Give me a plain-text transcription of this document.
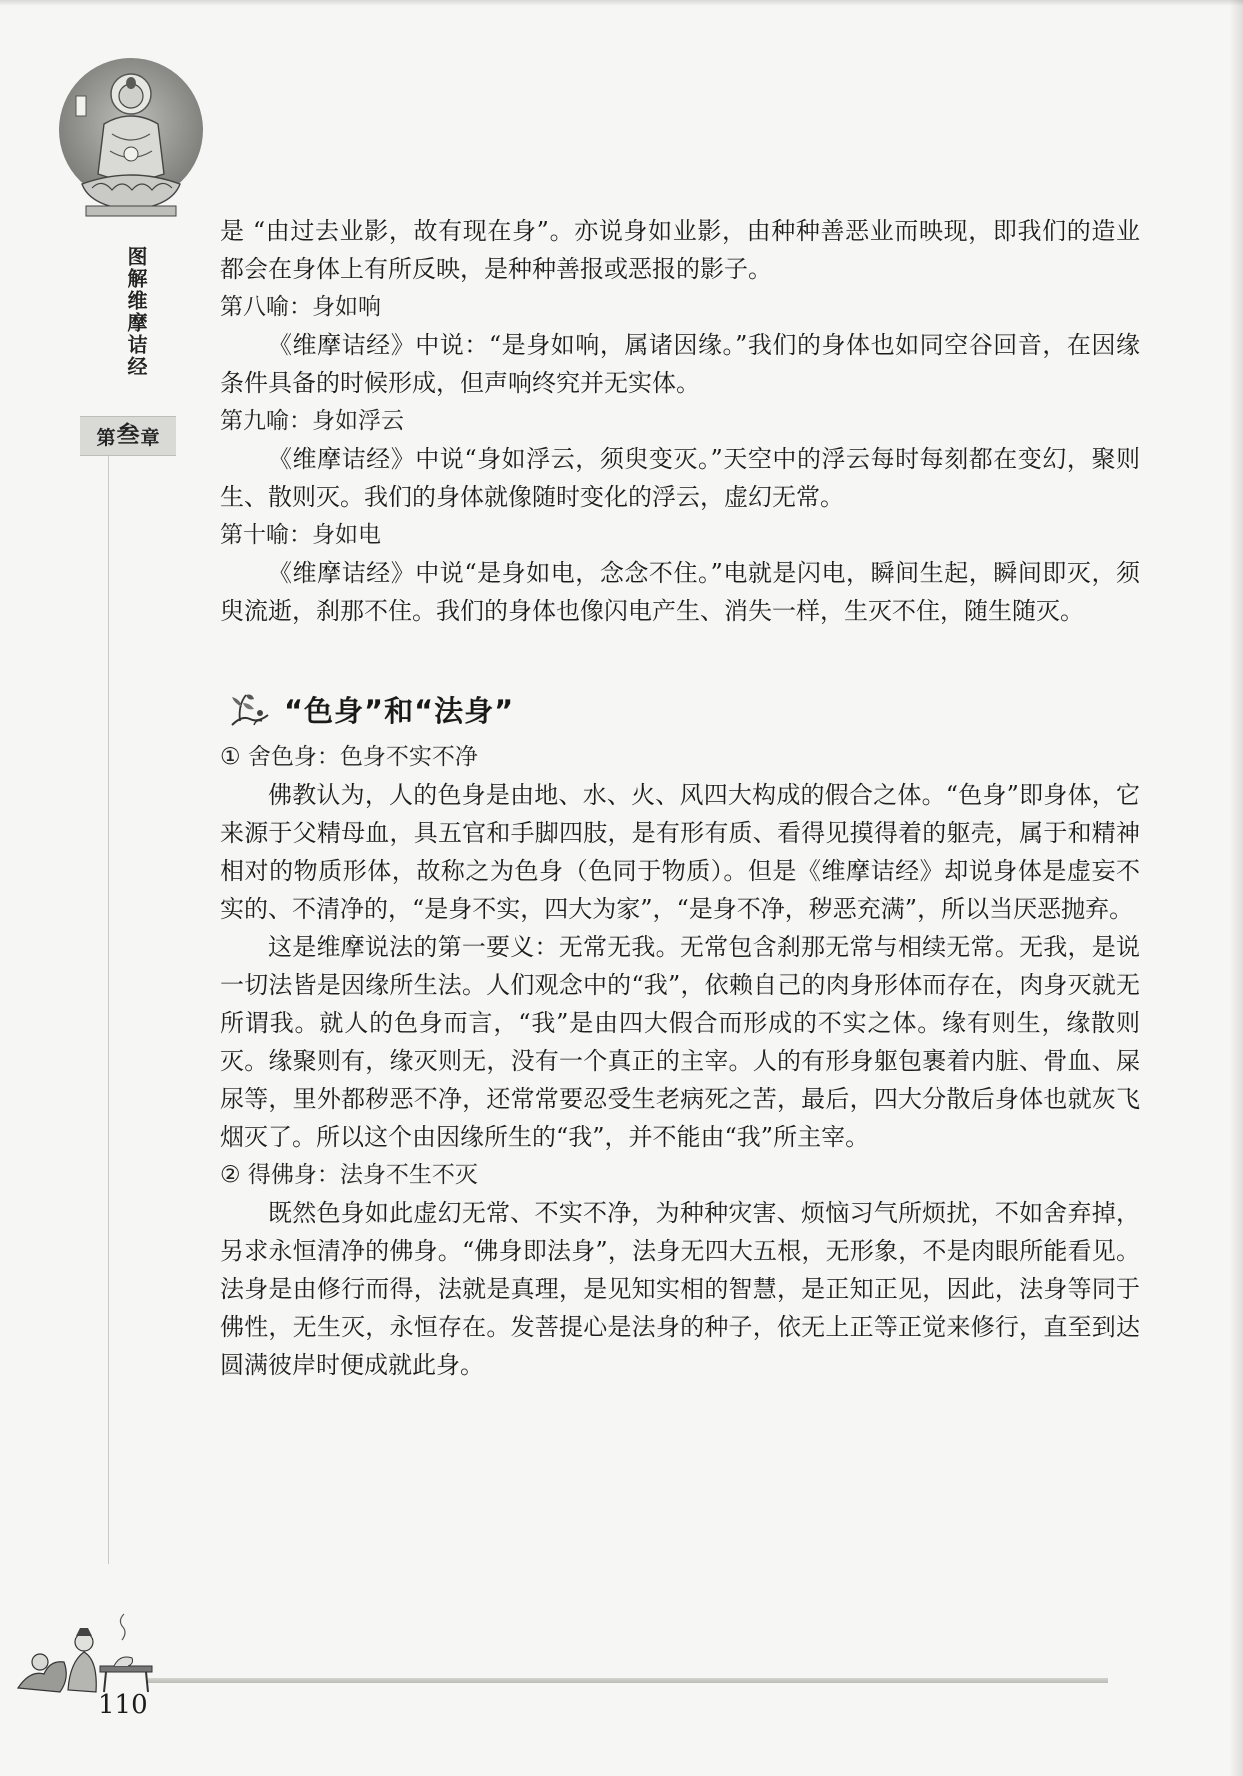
图解维摩诘经
第 叁 章

是 “由过去业影，故有现在身”。亦说身如业影，由种种善恶业而映现，即我们的造业都会在身体上有所反映，是种种善报或恶报的影子。

第八喻：身如响

《维摩诘经》中说：“是身如响，属诸因缘。”我们的身体也如同空谷回音，在因缘条件具备的时候形成，但声响终究并无实体。

第九喻：身如浮云

《维摩诘经》中说“身如浮云，须臾变灭。”天空中的浮云每时每刻都在变幻，聚则生、散则灭。我们的身体就像随时变化的浮云，虚幻无常。

第十喻：身如电

《维摩诘经》中说“是身如电，念念不住。”电就是闪电，瞬间生起，瞬间即灭，须臾流逝，刹那不住。我们的身体也像闪电产生、消失一样，生灭不住，随生随灭。

“色身”和“法身”

① 舍色身：色身不实不净

佛教认为，人的色身是由地、水、火、风四大构成的假合之体。“色身”即身体，它来源于父精母血，具五官和手脚四肢，是有形有质、看得见摸得着的躯壳，属于和精神相对的物质形体，故称之为色身（色同于物质）。但是《维摩诘经》却说身体是虚妄不实的、不清净的，“是身不实，四大为家”，“是身不净，秽恶充满”，所以当厌恶抛弃。

这是维摩说法的第一要义：无常无我。无常包含刹那无常与相续无常。无我，是说一切法皆是因缘所生法。人们观念中的“我”，依赖自己的肉身形体而存在，肉身灭就无所谓我。就人的色身而言，“我”是由四大假合而形成的不实之体。缘有则生，缘散则灭。缘聚则有，缘灭则无，没有一个真正的主宰。人的有形身躯包裹着内脏、骨血、屎尿等，里外都秽恶不净，还常常要忍受生老病死之苦，最后，四大分散后身体也就灰飞烟灭了。所以这个由因缘所生的“我”，并不能由“我”所主宰。

② 得佛身：法身不生不灭

既然色身如此虚幻无常、不实不净，为种种灾害、烦恼习气所烦扰，不如舍弃掉，另求永恒清净的佛身。“佛身即法身”，法身无四大五根，无形象，不是肉眼所能看见。法身是由修行而得，法就是真理，是见知实相的智慧，是正知正见，因此，法身等同于佛性，无生灭，永恒存在。发菩提心是法身的种子，依无上正等正觉来修行，直至到达圆满彼岸时便成就此身。

110
